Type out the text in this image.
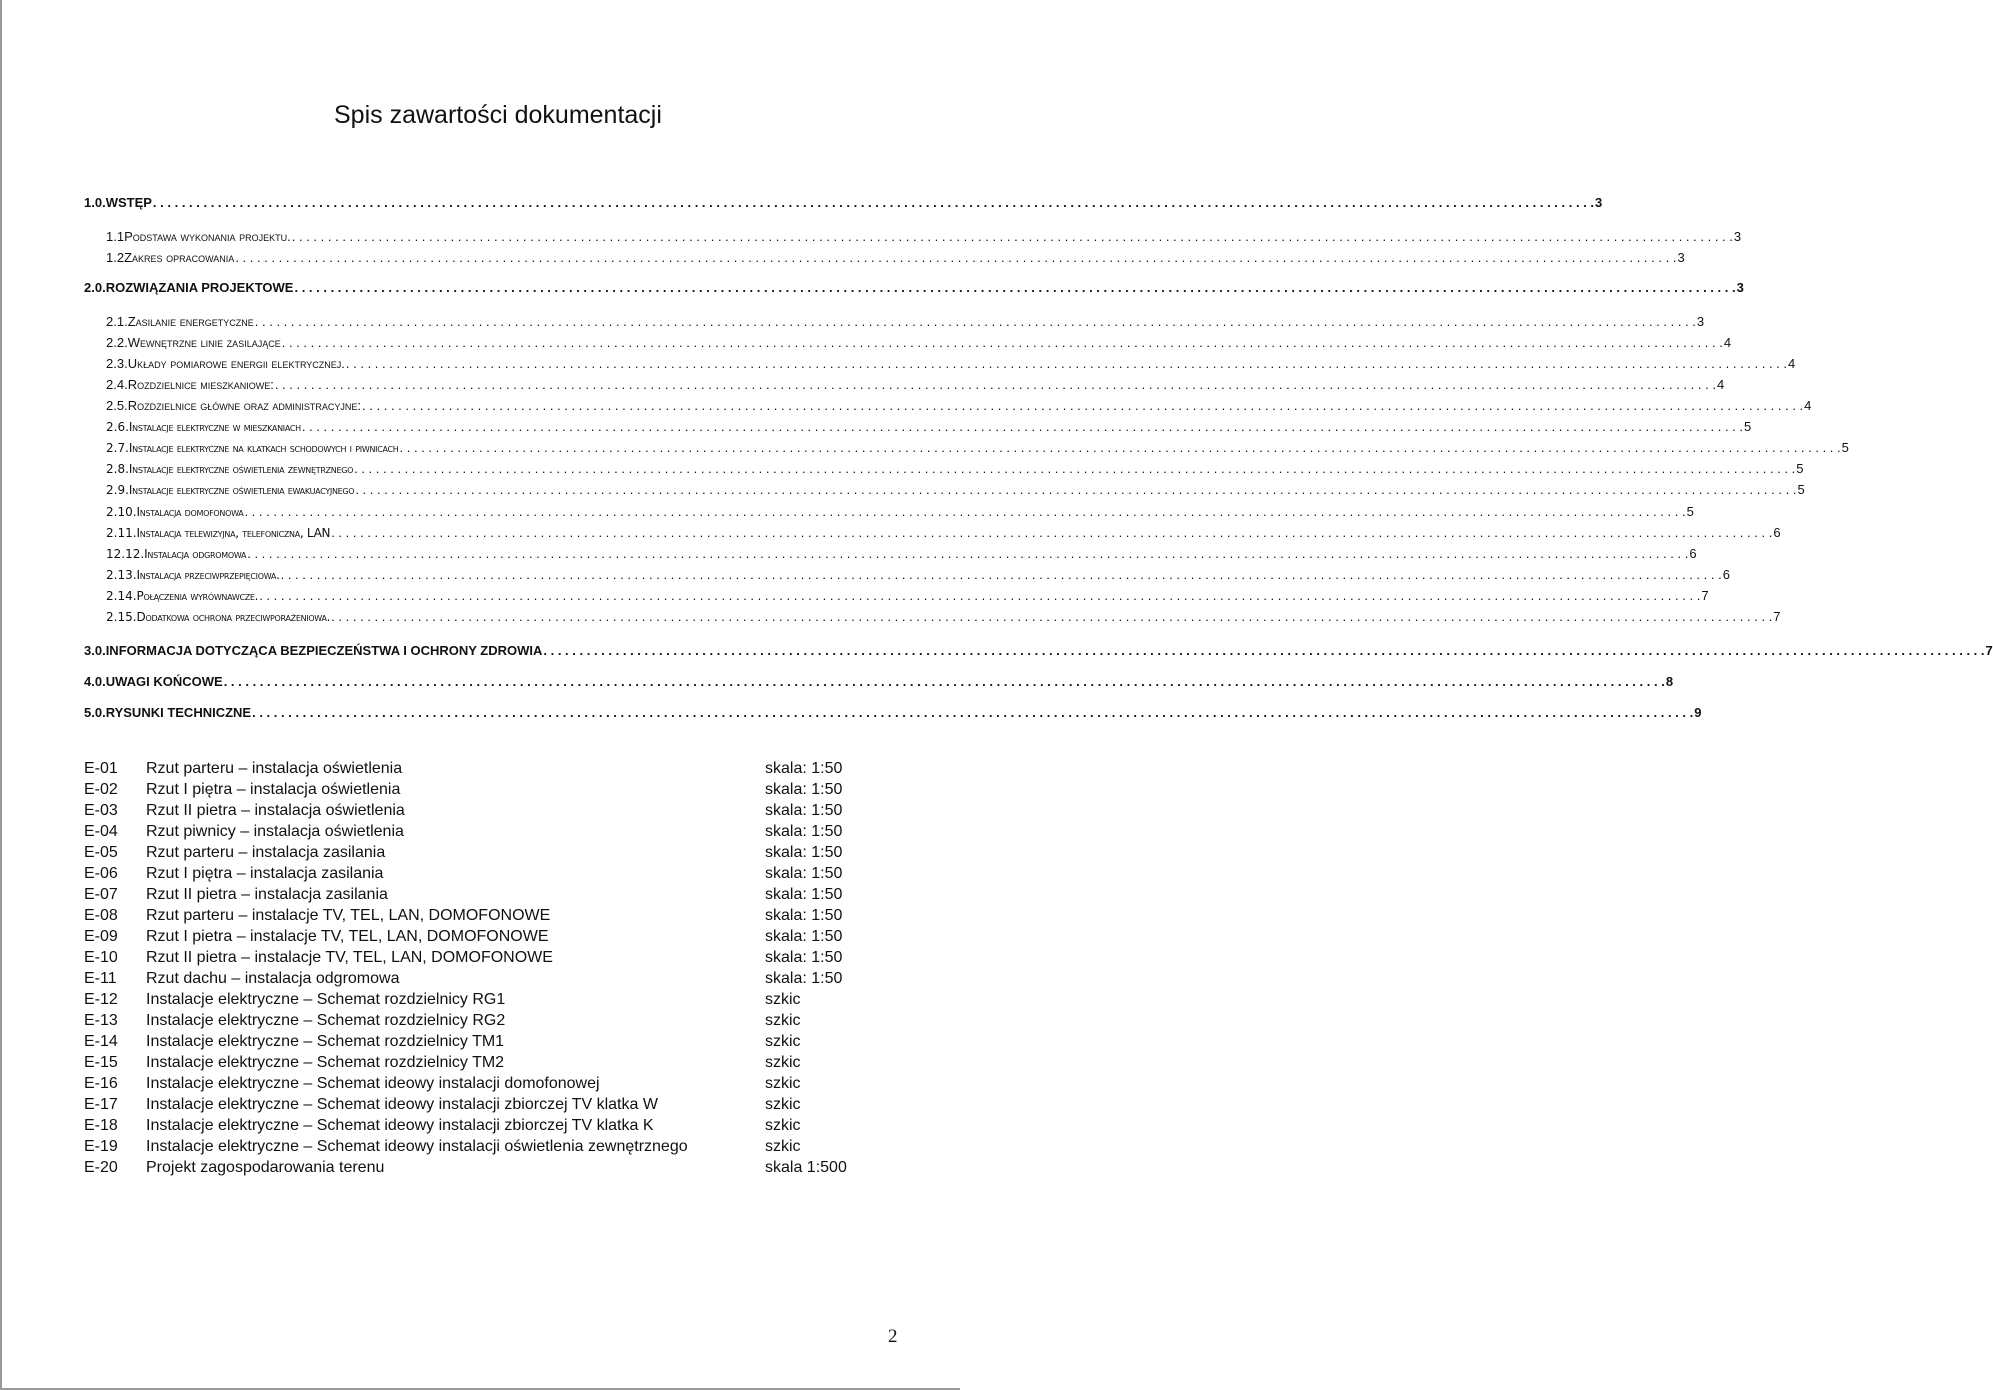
Spis zawartości dokumentacji
1.0. WSTĘP . . . . . . . . . . . . . . . . . . . . . . . . . . . . . . . . . . . . . . . . . . . . . . . . . . . . . . . . . . . . . . . . . . . . . . . . . . . . . . . . . . . . . . . . . . . . . . . . . . . . . . . . . . . . . . . . . . . . . . . . . . . . . . . . . . . . . . . . . . . . . . . . . . . . . . . . . . . . . . . . . . . . . . . . . . . . . . . . . . . . . . . . . . . . . . . . . . . . . . . . 3
1.1 Podstawa wykonania projektu. . . . . . . . . . . . . . . . . . . . . . . . . . . . . . . . . . . . . . . . . . . . . . . . . . . . . . . . . . . . . . . . . . . . . . . . . . . . . . . . . . . . . . . . . . . . . . . . . . . . . . . . . . . . . . . . . . . . . . . . . . . . . . . . . . . . . . . . . . . . . . . . . . . . . . . . . . . . . . . . . . . . . . . . . . . . . . . . . . . . . . . . . . . . . . . . . . . . . . . . . 3
1.2 Zakres opracowania . . . . . . . . . . . . . . . . . . . . . . . . . . . . . . . . . . . . . . . . . . . . . . . . . . . . . . . . . . . . . . . . . . . . . . . . . . . . . . . . . . . . . . . . . . . . . . . . . . . . . . . . . . . . . . . . . . . . . . . . . . . . . . . . . . . . . . . . . . . . . . . . . . . . . . . . . . . . . . . . . . . . . . . . . . . . . . . . . . . . . . . . . . . . . . . . . . . . . . . . 3
2.0. ROZWIĄZANIA PROJEKTOWE . . . . . . . . . . . . . . . . . . . . . . . . . . . . . . . . . . . . . . . . . . . . . . . . . . . . . . . . . . . . . . . . . . . . . . . . . . . . . . . . . . . . . . . . . . . . . . . . . . . . . . . . . . . . . . . . . . . . . . . . . . . . . . . . . . . . . . . . . . . . . . . . . . . . . . . . . . . . . . . . . . . . . . . . . . . . . . . . . . . . . . . . . . . . . . . . . . . . . . . . 3
2.1. Zasilanie energetyczne . . . . . . . . . . . . . . . . . . . . . . . . . . . . . . . . . . . . . . . . . . . . . . . . . . . . . . . . . . . . . . . . . . . . . . . . . . . . . . . . . . . . . . . . . . . . . . . . . . . . . . . . . . . . . . . . . . . . . . . . . . . . . . . . . . . . . . . . . . . . . . . . . . . . . . . . . . . . . . . . . . . . . . . . . . . . . . . . . . . . . . . . . . . . . . . . . . . . . . . . 3
2.2. Wewnętrzne linie zasilające . . . . . . . . . . . . . . . . . . . . . . . . . . . . . . . . . . . . . . . . . . . . . . . . . . . . . . . . . . . . . . . . . . . . . . . . . . . . . . . . . . . . . . . . . . . . . . . . . . . . . . . . . . . . . . . . . . . . . . . . . . . . . . . . . . . . . . . . . . . . . . . . . . . . . . . . . . . . . . . . . . . . . . . . . . . . . . . . . . . . . . . . . . . . . . . . . . . . . . . . 4
2.3. Układy pomiarowe energii elektrycznej. . . . . . . . . . . . . . . . . . . . . . . . . . . . . . . . . . . . . . . . . . . . . . . . . . . . . . . . . . . . . . . . . . . . . . . . . . . . . . . . . . . . . . . . . . . . . . . . . . . . . . . . . . . . . . . . . . . . . . . . . . . . . . . . . . . . . . . . . . . . . . . . . . . . . . . . . . . . . . . . . . . . . . . . . . . . . . . . . . . . . . . . . . . . . . . . . . . . . . . . . 4
2.4. Rozdzielnice mieszkaniowe: . . . . . . . . . . . . . . . . . . . . . . . . . . . . . . . . . . . . . . . . . . . . . . . . . . . . . . . . . . . . . . . . . . . . . . . . . . . . . . . . . . . . . . . . . . . . . . . . . . . . . . . . . . . . . . . . . . . . . . . . . . . . . . . . . . . . . . . . . . . . . . . . . . . . . . . . . . . . . . . . . . . . . . . . . . . . . . . . . . . . . . . . . . . . . . . . . . . . . . . . 4
2.5. Rozdzielnice główne oraz administracyjne: . . . . . . . . . . . . . . . . . . . . . . . . . . . . . . . . . . . . . . . . . . . . . . . . . . . . . . . . . . . . . . . . . . . . . . . . . . . . . . . . . . . . . . . . . . . . . . . . . . . . . . . . . . . . . . . . . . . . . . . . . . . . . . . . . . . . . . . . . . . . . . . . . . . . . . . . . . . . . . . . . . . . . . . . . . . . . . . . . . . . . . . . . . . . . . . . . . . . . . . . 4
2.6. Instalacje elektryczne w mieszkaniach . . . . . . . . . . . . . . . . . . . . . . . . . . . . . . . . . . . . . . . . . . . . . . . . . . . . . . . . . . . . . . . . . . . . . . . . . . . . . . . . . . . . . . . . . . . . . . . . . . . . . . . . . . . . . . . . . . . . . . . . . . . . . . . . . . . . . . . . . . . . . . . . . . . . . . . . . . . . . . . . . . . . . . . . . . . . . . . . . . . . . . . . . . . . . . . . . . . . . . . . 5
2.7. Instalacje elektryczne na klatkach schodowych i piwnicach . . . . . . . . . . . . . . . . . . . . . . . . . . . . . . . . . . . . . . . . . . . . . . . . . . . . . . . . . . . . . . . . . . . . . . . . . . . . . . . . . . . . . . . . . . . . . . . . . . . . . . . . . . . . . . . . . . . . . . . . . . . . . . . . . . . . . . . . . . . . . . . . . . . . . . . . . . . . . . . . . . . . . . . . . . . . . . . . . . . . . . . . . . . . . . . . . . . . . . . . 5
2.8. Instalacje elektryczne oświetlenia zewnętrznego . . . . . . . . . . . . . . . . . . . . . . . . . . . . . . . . . . . . . . . . . . . . . . . . . . . . . . . . . . . . . . . . . . . . . . . . . . . . . . . . . . . . . . . . . . . . . . . . . . . . . . . . . . . . . . . . . . . . . . . . . . . . . . . . . . . . . . . . . . . . . . . . . . . . . . . . . . . . . . . . . . . . . . . . . . . . . . . . . . . . . . . . . . . . . . . . . . . . . . . . 5
2.9. Instalacje elektryczne oświetlenia ewakuacyjnego . . . . . . . . . . . . . . . . . . . . . . . . . . . . . . . . . . . . . . . . . . . . . . . . . . . . . . . . . . . . . . . . . . . . . . . . . . . . . . . . . . . . . . . . . . . . . . . . . . . . . . . . . . . . . . . . . . . . . . . . . . . . . . . . . . . . . . . . . . . . . . . . . . . . . . . . . . . . . . . . . . . . . . . . . . . . . . . . . . . . . . . . . . . . . . . . . . . . . . . . 5
2.10. Instalacja domofonowa . . . . . . . . . . . . . . . . . . . . . . . . . . . . . . . . . . . . . . . . . . . . . . . . . . . . . . . . . . . . . . . . . . . . . . . . . . . . . . . . . . . . . . . . . . . . . . . . . . . . . . . . . . . . . . . . . . . . . . . . . . . . . . . . . . . . . . . . . . . . . . . . . . . . . . . . . . . . . . . . . . . . . . . . . . . . . . . . . . . . . . . . . . . . . . . . . . . . . . . . 5
2.11. Instalacja telewizyjna, telefoniczna, LAN . . . . . . . . . . . . . . . . . . . . . . . . . . . . . . . . . . . . . . . . . . . . . . . . . . . . . . . . . . . . . . . . . . . . . . . . . . . . . . . . . . . . . . . . . . . . . . . . . . . . . . . . . . . . . . . . . . . . . . . . . . . . . . . . . . . . . . . . . . . . . . . . . . . . . . . . . . . . . . . . . . . . . . . . . . . . . . . . . . . . . . . . . . . . . . . . . . . . . . . . 6
12.12. Instalacja odgromowa . . . . . . . . . . . . . . . . . . . . . . . . . . . . . . . . . . . . . . . . . . . . . . . . . . . . . . . . . . . . . . . . . . . . . . . . . . . . . . . . . . . . . . . . . . . . . . . . . . . . . . . . . . . . . . . . . . . . . . . . . . . . . . . . . . . . . . . . . . . . . . . . . . . . . . . . . . . . . . . . . . . . . . . . . . . . . . . . . . . . . . . . . . . . . . . . . . . . . . . . 6
2.13. Instalacja przeciwprzepięciowa. . . . . . . . . . . . . . . . . . . . . . . . . . . . . . . . . . . . . . . . . . . . . . . . . . . . . . . . . . . . . . . . . . . . . . . . . . . . . . . . . . . . . . . . . . . . . . . . . . . . . . . . . . . . . . . . . . . . . . . . . . . . . . . . . . . . . . . . . . . . . . . . . . . . . . . . . . . . . . . . . . . . . . . . . . . . . . . . . . . . . . . . . . . . . . . . . . . . . . . . . 6
2.14. Połączenia wyrównawcze. . . . . . . . . . . . . . . . . . . . . . . . . . . . . . . . . . . . . . . . . . . . . . . . . . . . . . . . . . . . . . . . . . . . . . . . . . . . . . . . . . . . . . . . . . . . . . . . . . . . . . . . . . . . . . . . . . . . . . . . . . . . . . . . . . . . . . . . . . . . . . . . . . . . . . . . . . . . . . . . . . . . . . . . . . . . . . . . . . . . . . . . . . . . . . . . . . . . . . . . . 7
2.15. Dodatkowa ochrona przeciwporażeniowa. . . . . . . . . . . . . . . . . . . . . . . . . . . . . . . . . . . . . . . . . . . . . . . . . . . . . . . . . . . . . . . . . . . . . . . . . . . . . . . . . . . . . . . . . . . . . . . . . . . . . . . . . . . . . . . . . . . . . . . . . . . . . . . . . . . . . . . . . . . . . . . . . . . . . . . . . . . . . . . . . . . . . . . . . . . . . . . . . . . . . . . . . . . . . . . . . . . . . . . . . 7
3.0. INFORMACJA DOTYCZĄCA BEZPIECZEŃSTWA I OCHRONY ZDROWIA . . . . . . . . . . . . . . . . . . . . . . . . . . . . . . . . . . . . . . . . . . . . . . . . . . . . . . . . . . . . . . . . . . . . . . . . . . . . . . . . . . . . . . . . . . . . . . . . . . . . . . . . . . . . . . . . . . . . . . . . . . . . . . . . . . . . . . . . . . . . . . . . . . . . . . . . . . . . . . . . . . . . . . . . . . . . . . . . . . . . . . . . . . . . . . . . . . . . . . . . 7
4.0. UWAGI KOŃCOWE . . . . . . . . . . . . . . . . . . . . . . . . . . . . . . . . . . . . . . . . . . . . . . . . . . . . . . . . . . . . . . . . . . . . . . . . . . . . . . . . . . . . . . . . . . . . . . . . . . . . . . . . . . . . . . . . . . . . . . . . . . . . . . . . . . . . . . . . . . . . . . . . . . . . . . . . . . . . . . . . . . . . . . . . . . . . . . . . . . . . . . . . . . . . . . . . . . . . . . . . 8
5.0. RYSUNKI TECHNICZNE . . . . . . . . . . . . . . . . . . . . . . . . . . . . . . . . . . . . . . . . . . . . . . . . . . . . . . . . . . . . . . . . . . . . . . . . . . . . . . . . . . . . . . . . . . . . . . . . . . . . . . . . . . . . . . . . . . . . . . . . . . . . . . . . . . . . . . . . . . . . . . . . . . . . . . . . . . . . . . . . . . . . . . . . . . . . . . . . . . . . . . . . . . . . . . . . . . . . . . . . 9
E-01 Rzut parteru – instalacja oświetlenia	skala: 1:50
E-02 Rzut I piętra – instalacja oświetlenia	skala: 1:50
E-03 Rzut II pietra – instalacja oświetlenia	skala: 1:50
E-04 Rzut piwnicy – instalacja oświetlenia	skala: 1:50
E-05 Rzut parteru – instalacja zasilania	skala: 1:50
E-06 Rzut I piętra – instalacja zasilania	skala: 1:50
E-07 Rzut II pietra – instalacja zasilania	skala: 1:50
E-08 Rzut parteru – instalacje TV, TEL, LAN, DOMOFONOWE	skala: 1:50
E-09 Rzut I pietra – instalacje TV, TEL, LAN, DOMOFONOWE	skala: 1:50
E-10 Rzut II pietra – instalacje TV, TEL, LAN, DOMOFONOWE	skala: 1:50
E-11 Rzut dachu – instalacja odgromowa	skala: 1:50
E-12 Instalacje elektryczne – Schemat rozdzielnicy RG1	szkic
E-13 Instalacje elektryczne – Schemat rozdzielnicy RG2	szkic
E-14 Instalacje elektryczne – Schemat rozdzielnicy TM1	szkic
E-15 Instalacje elektryczne – Schemat rozdzielnicy TM2	szkic
E-16 Instalacje elektryczne – Schemat ideowy instalacji domofonowej	szkic
E-17 Instalacje elektryczne – Schemat ideowy instalacji zbiorczej TV klatka W	szkic
E-18 Instalacje elektryczne – Schemat ideowy instalacji zbiorczej TV klatka K	szkic
E-19 Instalacje elektryczne – Schemat ideowy instalacji oświetlenia zewnętrznego	szkic
E-20 Projekt zagospodarowania terenu	skala 1:500
2
